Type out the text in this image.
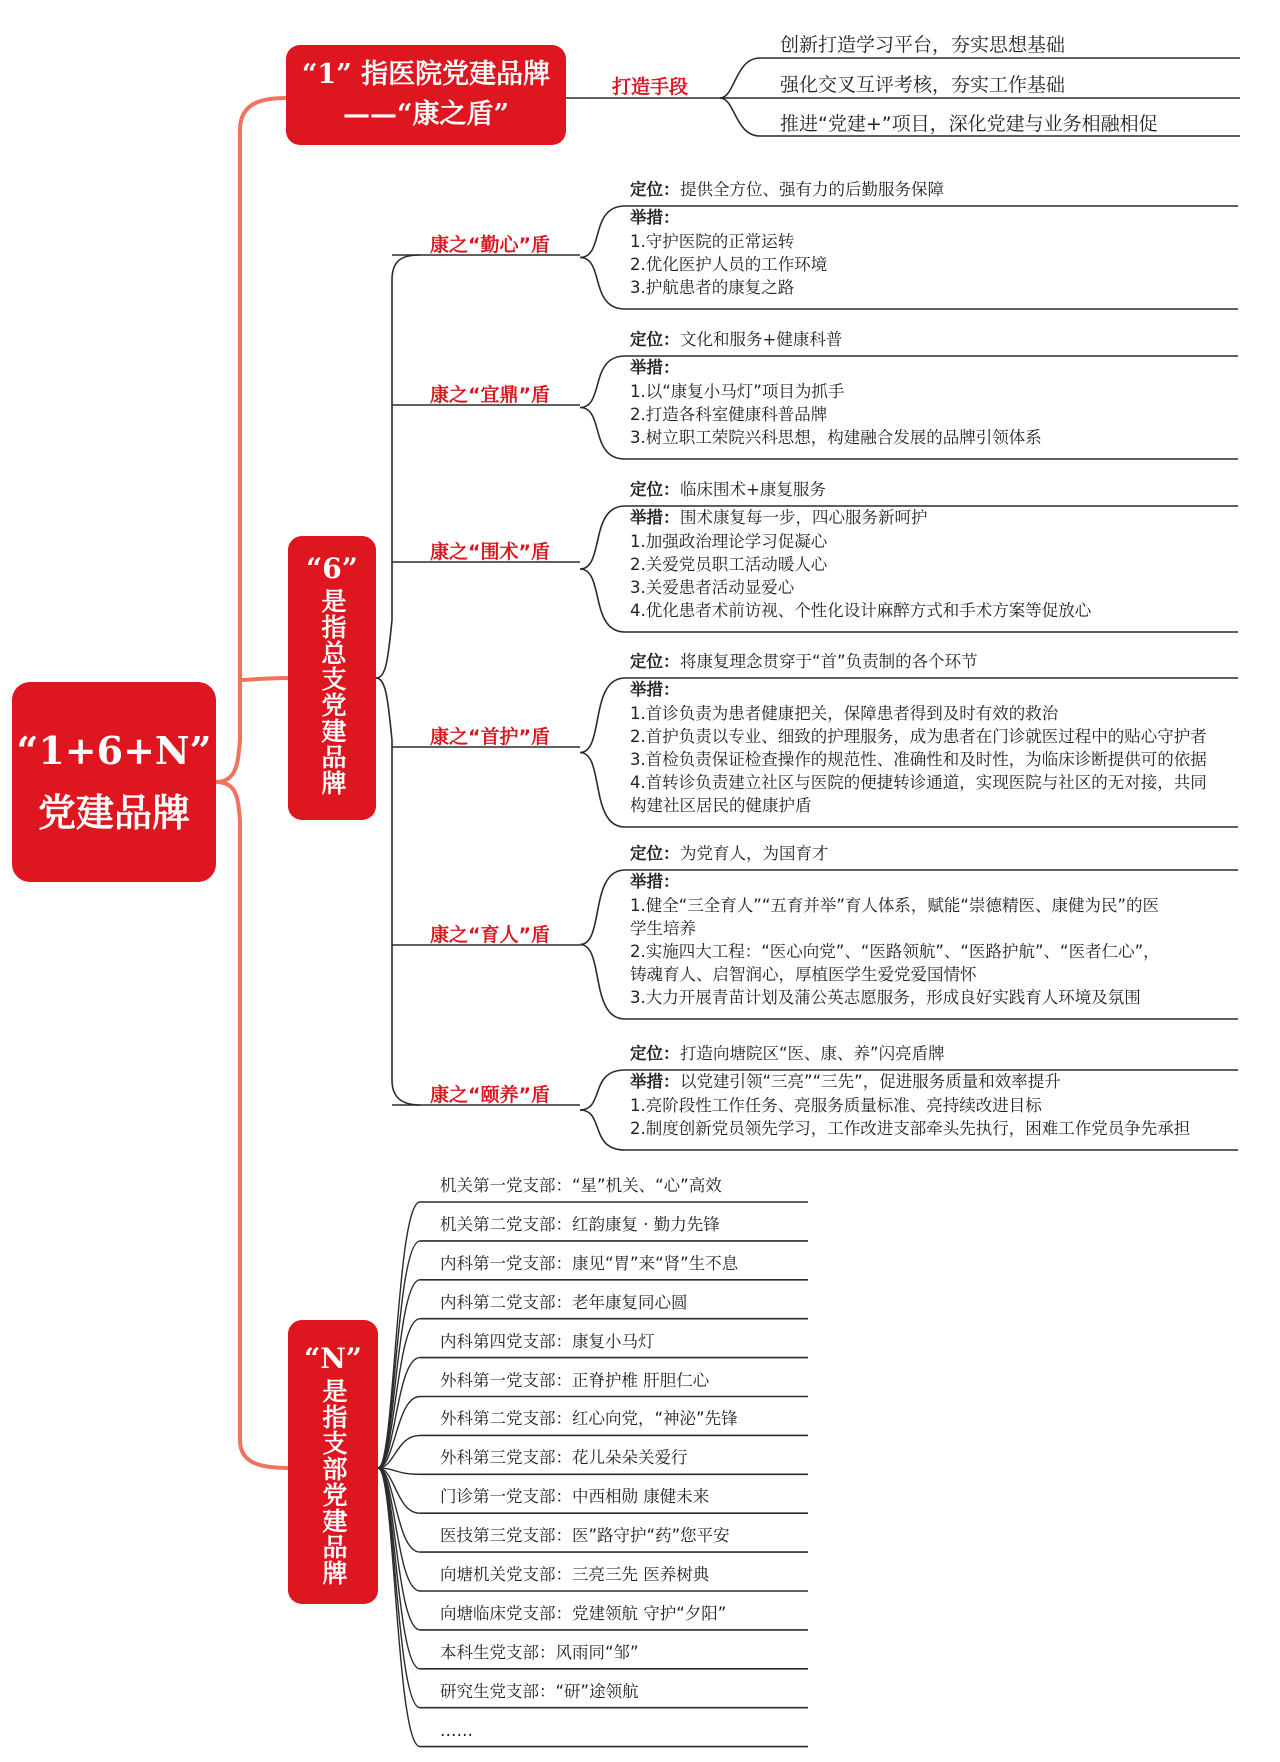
“1+6+N”
党建品牌
“1” 指医院党建品牌
——“康之盾”
打造手段
创新打造学习平台，夯实思想基础
强化交叉互评考核，夯实工作基础
推进“党建+”项目，深化党建与业务相融相促
“6”
是指总支党建品牌
“N”
是指支部党建品牌
康之“勤心”盾
定位： 提供全方位、强有力的后勤服务保障
举措：
1.守护医院的正常运转
2.优化医护人员的工作环境
3.护航患者的康复之路
康之“宜鼎”盾
定位： 文化和服务+健康科普
举措：
1.以“康复小马灯”项目为抓手
2.打造各科室健康科普品牌
3.树立职工荣院兴科思想，构建融合发展的品牌引领体系
康之“围术”盾
定位： 临床围术+康复服务
举措： 围术康复每一步，四心服务新呵护
1.加强政治理论学习促凝心
2.关爱党员职工活动暖人心
3.关爱患者活动显爱心
4.优化患者术前访视、个性化设计麻醉方式和手术方案等促放心
康之“首护”盾
定位： 将康复理念贯穿于“首”负责制的各个环节
举措：
1.首诊负责为患者健康把关，保障患者得到及时有效的救治
2.首护负责以专业、细致的护理服务，成为患者在门诊就医过程中的贴心守护者
3.首检负责保证检查操作的规范性、准确性和及时性，为临床诊断提供可的依据
4.首转诊负责建立社区与医院的便捷转诊通道，实现医院与社区的无对接，共同
构建社区居民的健康护盾
康之“育人”盾
定位： 为党育人，为国育才
举措：
1.健全“三全育人”“五育并举”育人体系，赋能“崇德精医、康健为民”的医
学生培养
2.实施四大工程：“医心向党”、“医路领航”、“医路护航”、“医者仁心”，
铸魂育人、启智润心，厚植医学生爱党爱国情怀
3.大力开展青苗计划及蒲公英志愿服务，形成良好实践育人环境及氛围
康之“颐养”盾
定位： 打造向塘院区“医、康、养”闪亮盾牌
举措： 以党建引领“三亮”“三先”，促进服务质量和效率提升
1.亮阶段性工作任务、亮服务质量标准、亮持续改进目标
2.制度创新党员领先学习，工作改进支部牵头先执行，困难工作党员争先承担
机关第一党支部：“星”机关、“心”高效
机关第二党支部：红韵康复 · 勤力先锋
内科第一党支部：康见“胃”来“肾”生不息
内科第二党支部：老年康复同心圆
内科第四党支部：康复小马灯
外科第一党支部：正脊护椎 肝胆仁心
外科第二党支部：红心向党，“神泌”先锋
外科第三党支部：花儿朵朵关爱行
门诊第一党支部：中西相勋 康健未来
医技第三党支部：医”路守护“药”您平安
向塘机关党支部：三亮三先 医养树典
向塘临床党支部：党建领航 守护“夕阳”
本科生党支部：风雨同“邹”
研究生党支部：“研”途领航
……
